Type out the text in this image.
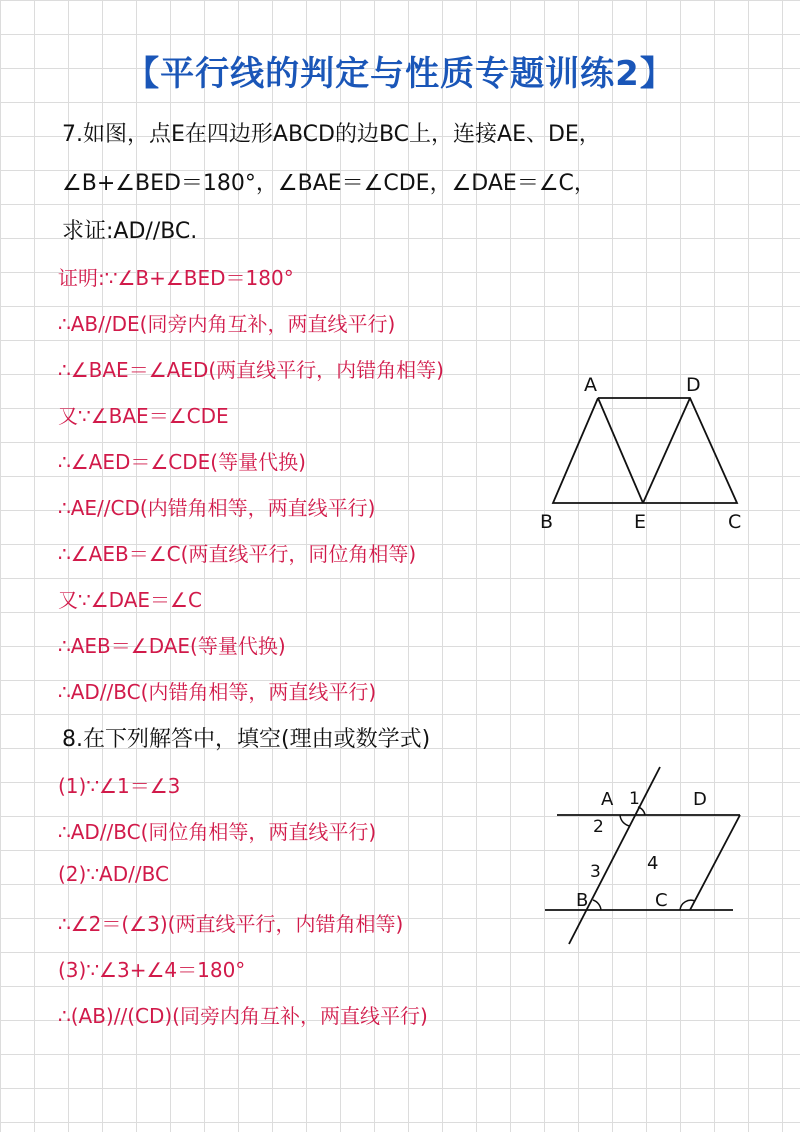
【平行线的判定与性质专题训练2】
7.如图，点E在四边形ABCD的边BC上，连接AE、DE，
∠B+∠BED＝180°，∠BAE＝∠CDE，∠DAE＝∠C，
求证:AD//BC.
证明:∵∠B+∠BED＝180°
∴AB//DE(同旁内角互补，两直线平行)
∴∠BAE＝∠AED(两直线平行，内错角相等)
又∵∠BAE＝∠CDE
∴∠AED＝∠CDE(等量代换)
∴AE//CD(内错角相等，两直线平行)
∴∠AEB＝∠C(两直线平行，同位角相等)
又∵∠DAE＝∠C
∴AEB＝∠DAE(等量代换)
∴AD//BC(内错角相等，两直线平行)
A	D
B	E	C
8.在下列解答中，填空(理由或数学式)
(1)∵∠1＝∠3
∴AD//BC(同位角相等，两直线平行)
(2)∵AD//BC
∴∠2＝(∠3)(两直线平行，内错角相等)
(3)∵∠3+∠4＝180°
∴(AB)//(CD)(同旁内角互补，两直线平行)
A 1	D
2
4
3
B	C
